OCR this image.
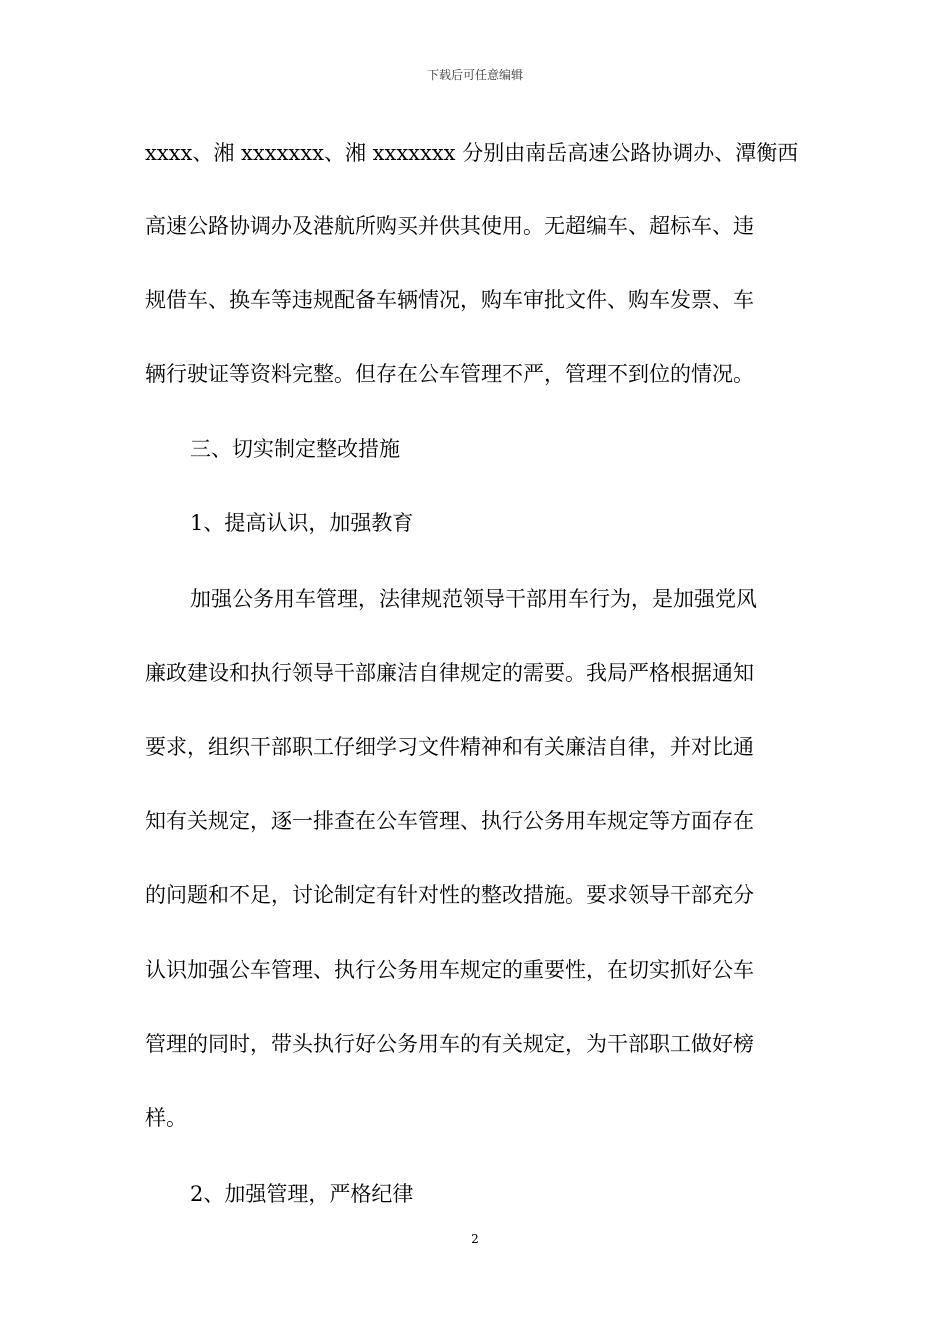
下载后可任意编辑
xxxx、湘 xxxxxxx、湘 xxxxxxx 分别由南岳高速公路协调办、潭衡西
高速公路协调办及港航所购买并供其使用。无超编车、超标车、违
规借车、换车等违规配备车辆情况，购车审批文件、购车发票、车
辆行驶证等资料完整。但存在公车管理不严，管理不到位的情况。
三、切实制定整改措施
1、提高认识，加强教育
加强公务用车管理，法律规范领导干部用车行为，是加强党风
廉政建设和执行领导干部廉洁自律规定的需要。我局严格根据通知
要求，组织干部职工仔细学习文件精神和有关廉洁自律，并对比通
知有关规定，逐一排查在公车管理、执行公务用车规定等方面存在
的问题和不足，讨论制定有针对性的整改措施。要求领导干部充分
认识加强公车管理、执行公务用车规定的重要性，在切实抓好公车
管理的同时，带头执行好公务用车的有关规定，为干部职工做好榜
样。
2、加强管理，严格纪律
2
